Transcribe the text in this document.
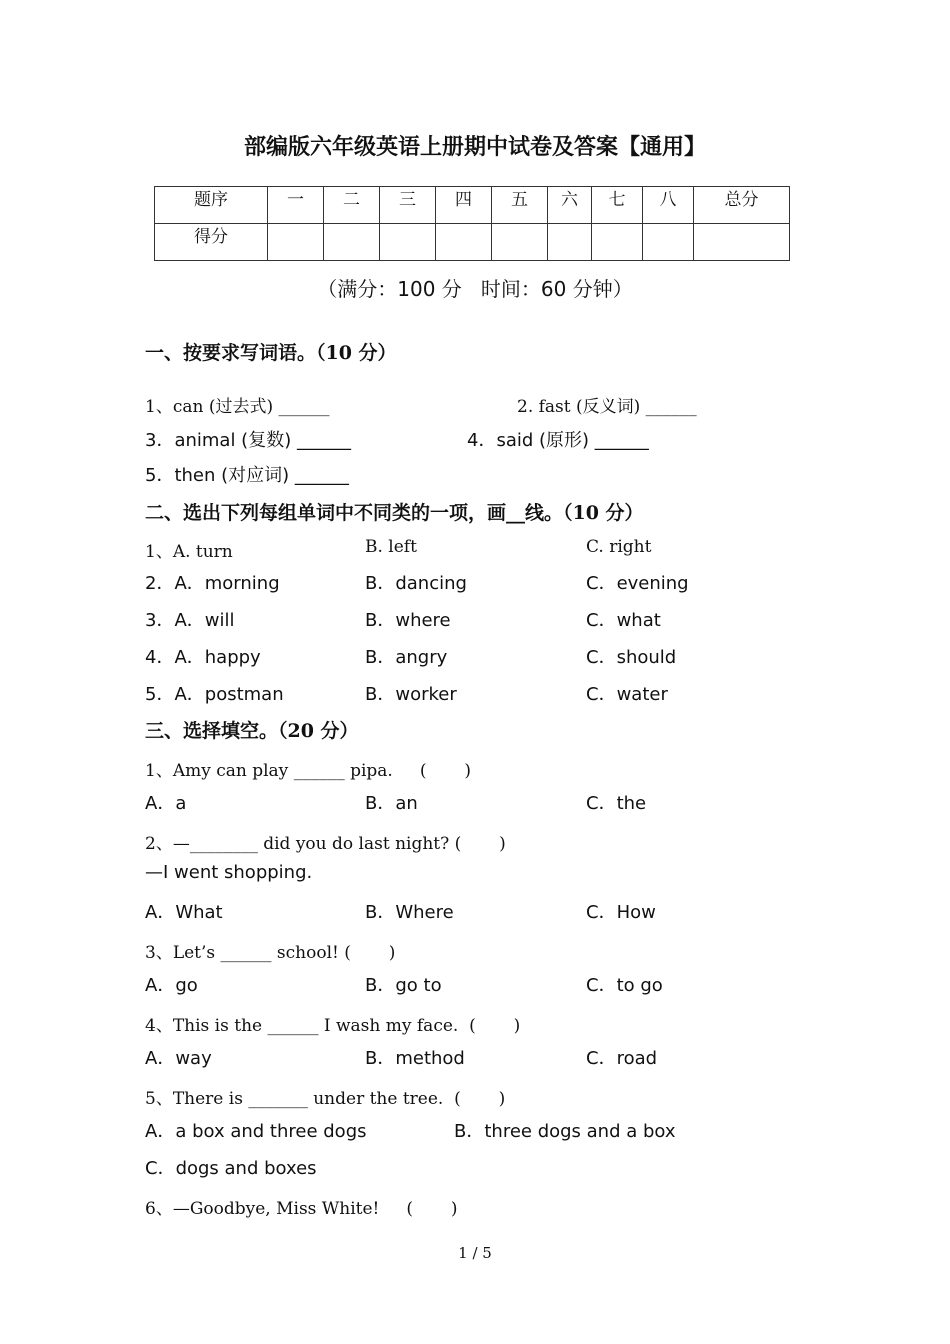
部编版六年级英语上册期中试卷及答案【通用】
题序	一	二	三	四	五	六	七	八	总分
得分									
（满分：100 分   时间：60 分钟）
一、按要求写词语。（10 分）
1、can (过去式) ______	2. fast (反义词) ______
3．animal (复数) ______	4．said (原形) ______
5．then (对应词) ______
二、选出下列每组单词中不同类的一项，画__线。（10 分）
1、A. turn	B. left	C. right
2．A．morning	B．dancing	C．evening
3．A．will	B．where	C．what
4．A．happy	B．angry	C．should
5．A．postman	B．worker	C．water
三、选择填空。（20 分）
1、Amy can play ______ pipa.     (       )
A．a	B．an	C．the
2、—________ did you do last night? (       )
—I went shopping.
A．What	B．Where	C．How
3、Let’s ______ school! (       )
A．go	B．go to	C．to go
4、This is the ______ I wash my face.  (       )
A．way	B．method	C．road
5、There is _______ under the tree.  (       )
A．a box and three dogs	B．three dogs and a box
C．dogs and boxes
6、—Goodbye, Miss White!     (       )
1 / 5
